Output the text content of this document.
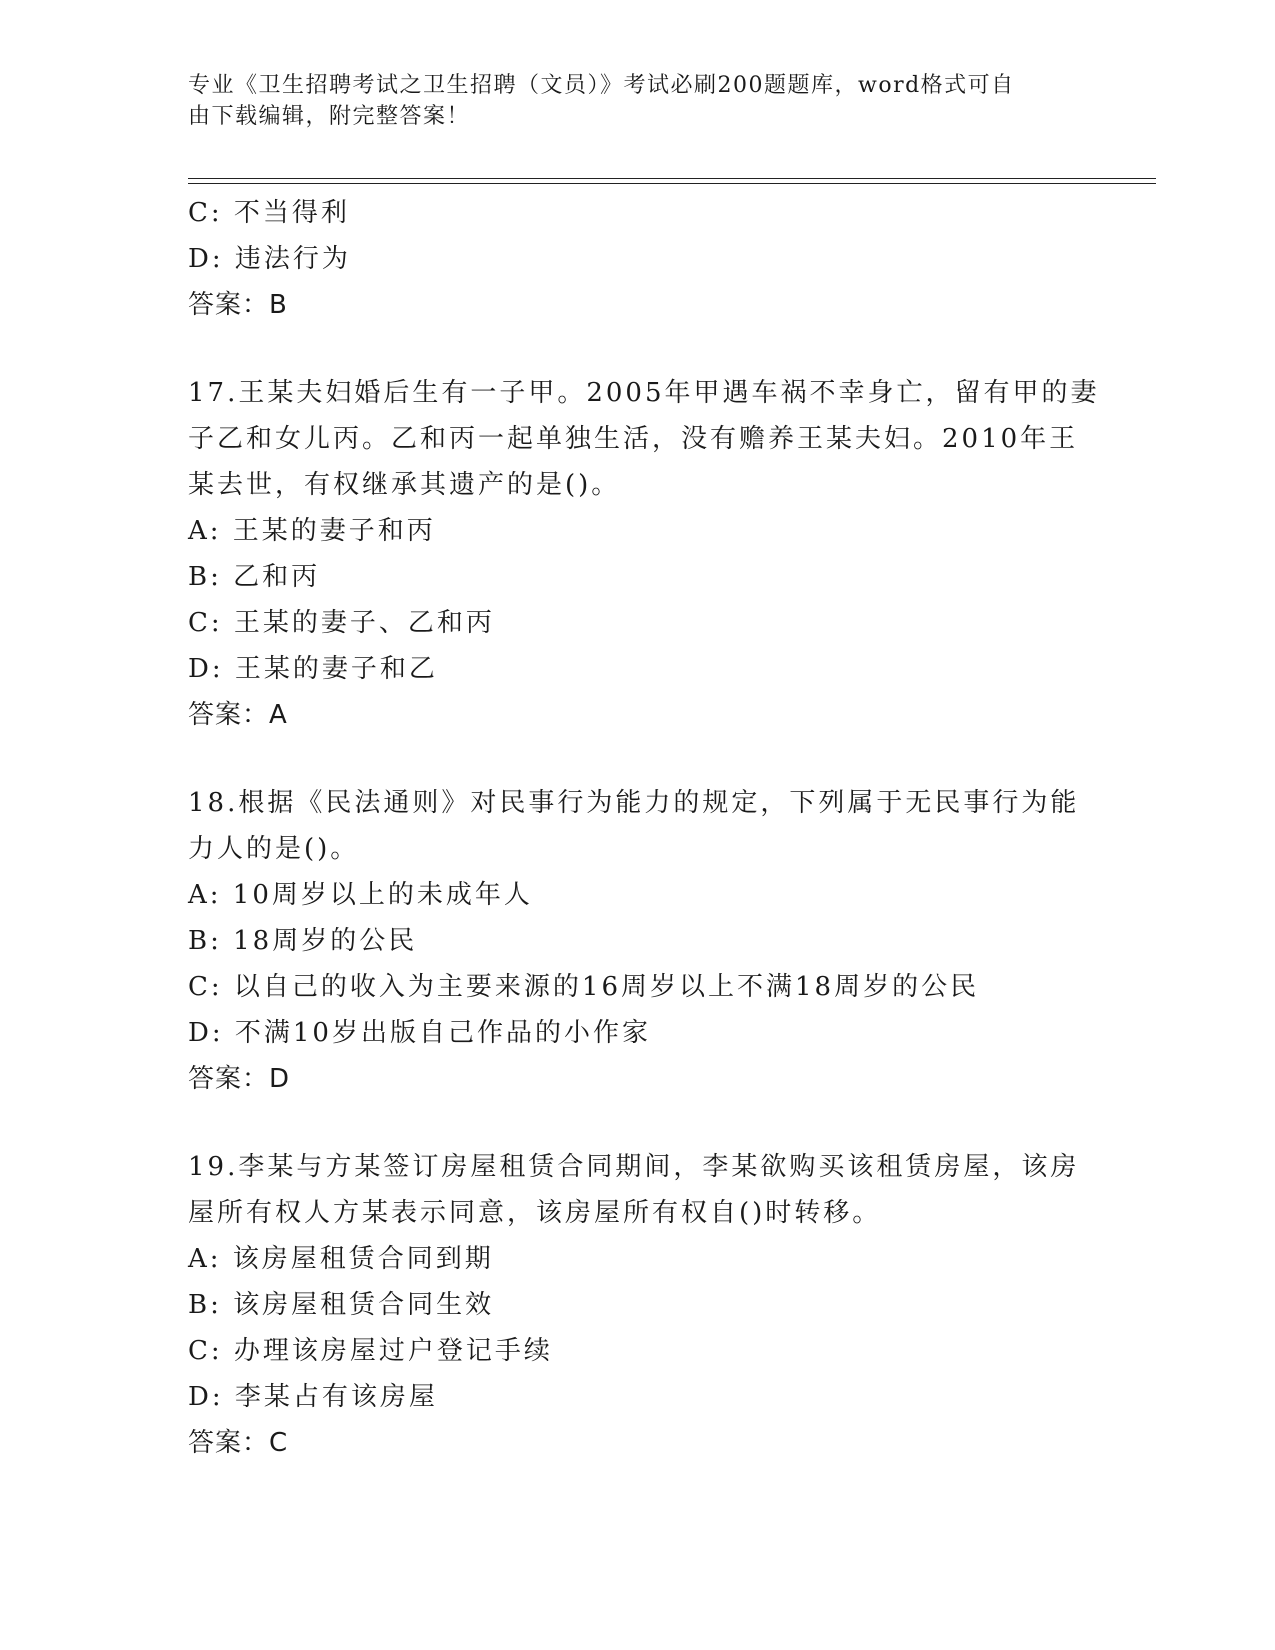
专业《卫生招聘考试之卫生招聘（文员）》考试必刷200题题库，word格式可自
由下载编辑，附完整答案！
C: 不当得利
D: 违法行为
答案：B
17.王某夫妇婚后生有一子甲。2005年甲遇车祸不幸身亡，留有甲的妻
子乙和女儿丙。乙和丙一起单独生活，没有赡养王某夫妇。2010年王
某去世，有权继承其遗产的是()。
A: 王某的妻子和丙
B: 乙和丙
C: 王某的妻子、乙和丙
D: 王某的妻子和乙
答案：A
18.根据《民法通则》对民事行为能力的规定，下列属于无民事行为能
力人的是()。
A: 10周岁以上的未成年人
B: 18周岁的公民
C: 以自己的收入为主要来源的16周岁以上不满18周岁的公民
D: 不满10岁出版自己作品的小作家
答案：D
19.李某与方某签订房屋租赁合同期间，李某欲购买该租赁房屋，该房
屋所有权人方某表示同意，该房屋所有权自()时转移。
A: 该房屋租赁合同到期
B: 该房屋租赁合同生效
C: 办理该房屋过户登记手续
D: 李某占有该房屋
答案：C
